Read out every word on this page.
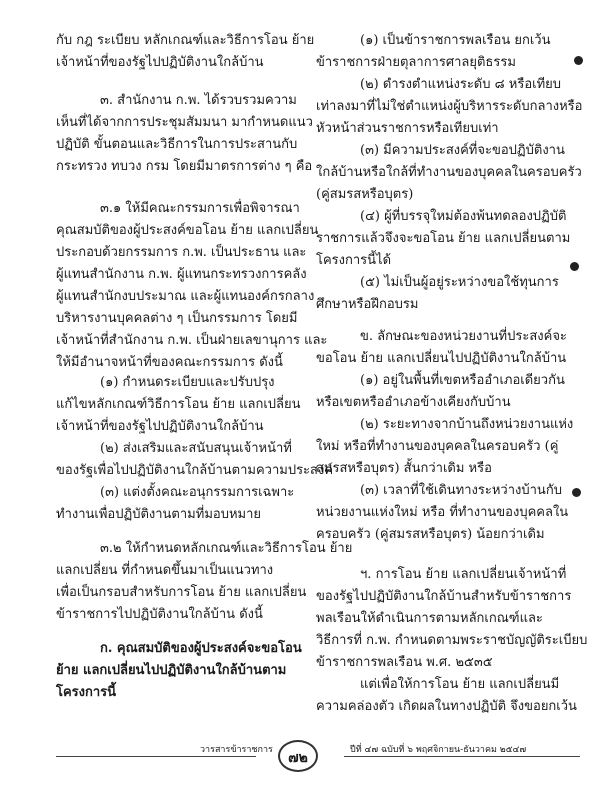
กับ กฎ ระเบียบ หลักเกณฑ์และวิธีการโอน ย้าย
เจ้าหน้าที่ของรัฐไปปฏิบัติงานใกล้บ้าน
๓. สำนักงาน ก.พ. ได้รวบรวมความ
เห็นที่ได้จากการประชุมสัมมนา มากำหนดแนว
ปฏิบัติ ขั้นตอนและวิธีการในการประสานกับ
กระทรวง ทบวง กรม โดยมีมาตรการต่าง ๆ คือ
๓.๑ ให้มีคณะกรรมการเพื่อพิจารณา
คุณสมบัติของผู้ประสงค์ขอโอน ย้าย แลกเปลี่ยน
ประกอบด้วยกรรมการ ก.พ. เป็นประธาน และ
ผู้แทนสำนักงาน ก.พ. ผู้แทนกระทรวงการคลัง
ผู้แทนสำนักงบประมาณ และผู้แทนองค์กรกลาง
บริหารงานบุคคลต่าง ๆ เป็นกรรมการ โดยมี
เจ้าหน้าที่สำนักงาน ก.พ. เป็นฝ่ายเลขานุการ และ
ให้มีอำนาจหน้าที่ของคณะกรรมการ ดังนี้
(๑) กำหนดระเบียบและปรับปรุง
แก้ไขหลักเกณฑ์วิธีการโอน ย้าย แลกเปลี่ยน
เจ้าหน้าที่ของรัฐไปปฏิบัติงานใกล้บ้าน
(๒) ส่งเสริมและสนับสนุนเจ้าหน้าที่
ของรัฐเพื่อไปปฏิบัติงานใกล้บ้านตามความประสงค์
(๓) แต่งตั้งคณะอนุกรรมการเฉพาะ
ทำงานเพื่อปฏิบัติงานตามที่มอบหมาย
๓.๒ ให้กำหนดหลักเกณฑ์และวิธีการโอน ย้าย
แลกเปลี่ยน ที่กำหนดขึ้นมาเป็นแนวทาง
เพื่อเป็นกรอบสำหรับการโอน ย้าย แลกเปลี่ยน
ข้าราชการไปปฏิบัติงานใกล้บ้าน ดังนี้
ก. คุณสมบัติของผู้ประสงค์จะขอโอน
ย้าย แลกเปลี่ยนไปปฏิบัติงานใกล้บ้านตาม
โครงการนี้
(๑) เป็นข้าราชการพลเรือน ยกเว้น
ข้าราชการฝ่ายตุลาการศาลยุติธรรม
(๒) ดำรงตำแหน่งระดับ ๘ หรือเทียบ
เท่าลงมาที่ไม่ใช่ตำแหน่งผู้บริหารระดับกลางหรือ
หัวหน้าส่วนราชการหรือเทียบเท่า
(๓) มีความประสงค์ที่จะขอปฏิบัติงาน
ใกล้บ้านหรือใกล้ที่ทำงานของบุคคลในครอบครัว
(คู่สมรสหรือบุตร)
(๔) ผู้ที่บรรจุใหม่ต้องพ้นทดลองปฏิบัติ
ราชการแล้วจึงจะขอโอน ย้าย แลกเปลี่ยนตาม
โครงการนี้ได้
(๕) ไม่เป็นผู้อยู่ระหว่างขอใช้ทุนการ
ศึกษาหรือฝึกอบรม
ข. ลักษณะของหน่วยงานที่ประสงค์จะ
ขอโอน ย้าย แลกเปลี่ยนไปปฏิบัติงานใกล้บ้าน
(๑) อยู่ในพื้นที่เขตหรืออำเภอเดียวกัน
หรือเขตหรืออำเภอข้างเคียงกับบ้าน
(๒) ระยะทางจากบ้านถึงหน่วยงานแห่ง
ใหม่ หรือที่ทำงานของบุคคลในครอบครัว (คู่
สมรสหรือบุตร) สั้นกว่าเดิม หรือ
(๓) เวลาที่ใช้เดินทางระหว่างบ้านกับ
หน่วยงานแห่งใหม่ หรือ ที่ทำงานของบุคคลใน
ครอบครัว (คู่สมรสหรือบุตร) น้อยกว่าเดิม
ฯ. การโอน ย้าย แลกเปลี่ยนเจ้าหน้าที่
ของรัฐไปปฏิบัติงานใกล้บ้านสำหรับข้าราชการ
พลเรือนให้ดำเนินการตามหลักเกณฑ์และ
วิธีการที่ ก.พ. กำหนดตามพระราชบัญญัติระเบียบ
ข้าราชการพลเรือน พ.ศ. ๒๕๓๕
แต่เพื่อให้การโอน ย้าย แลกเปลี่ยนมี
ความคล่องตัว เกิดผลในทางปฏิบัติ จึงขอยกเว้น
วารสารข้าราชการ	๗๒	ปีที่ ๔๗ ฉบับที่ ๖ พฤศจิกายน-ธันวาคม ๒๕๔๗
